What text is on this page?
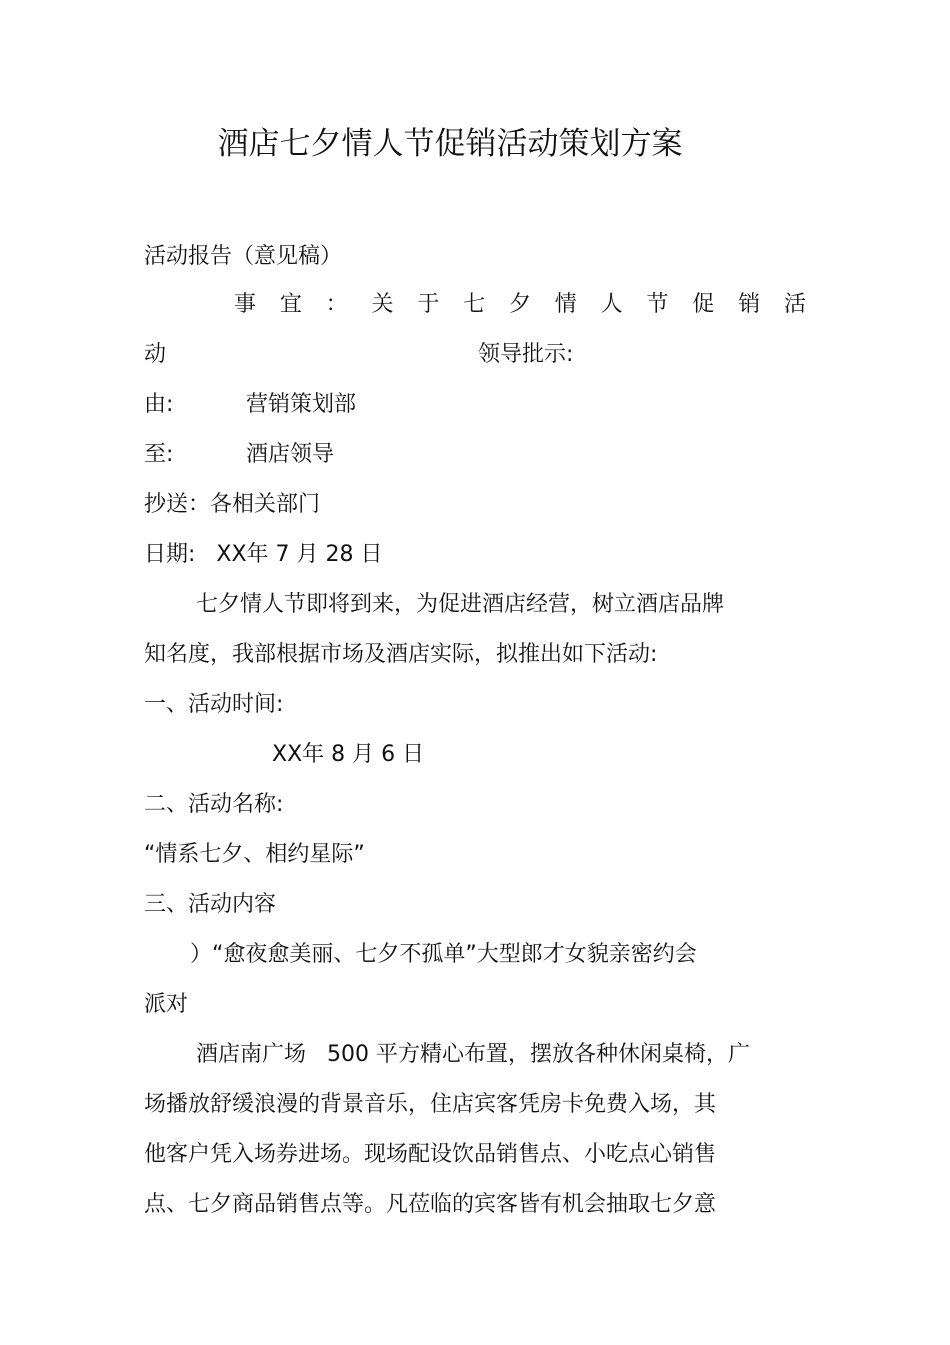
酒店七夕情人节促销活动策划方案
活动报告（意见稿）
事 宜 ： 关 于 七 夕 情 人 节 促 销 活
动	领导批示:
由:	营销策划部
至:	酒店领导
抄送：各相关部门
日期:   XX年 7 月 28 日
七夕情人节即将到来，为促进酒店经营，树立酒店品牌
知名度，我部根据市场及酒店实际，拟推出如下活动:
一、活动时间:
XX年 8 月 6 日
二、活动名称:
“情系七夕、相约星际”
三、活动内容
）“愈夜愈美丽、七夕不孤单”大型郎才女貌亲密约会
派对
酒店南广场   500 平方精心布置，摆放各种休闲桌椅，广
场播放舒缓浪漫的背景音乐，住店宾客凭房卡免费入场，其
他客户凭入场券进场。现场配设饮品销售点、小吃点心销售
点、七夕商品销售点等。凡莅临的宾客皆有机会抽取七夕意
